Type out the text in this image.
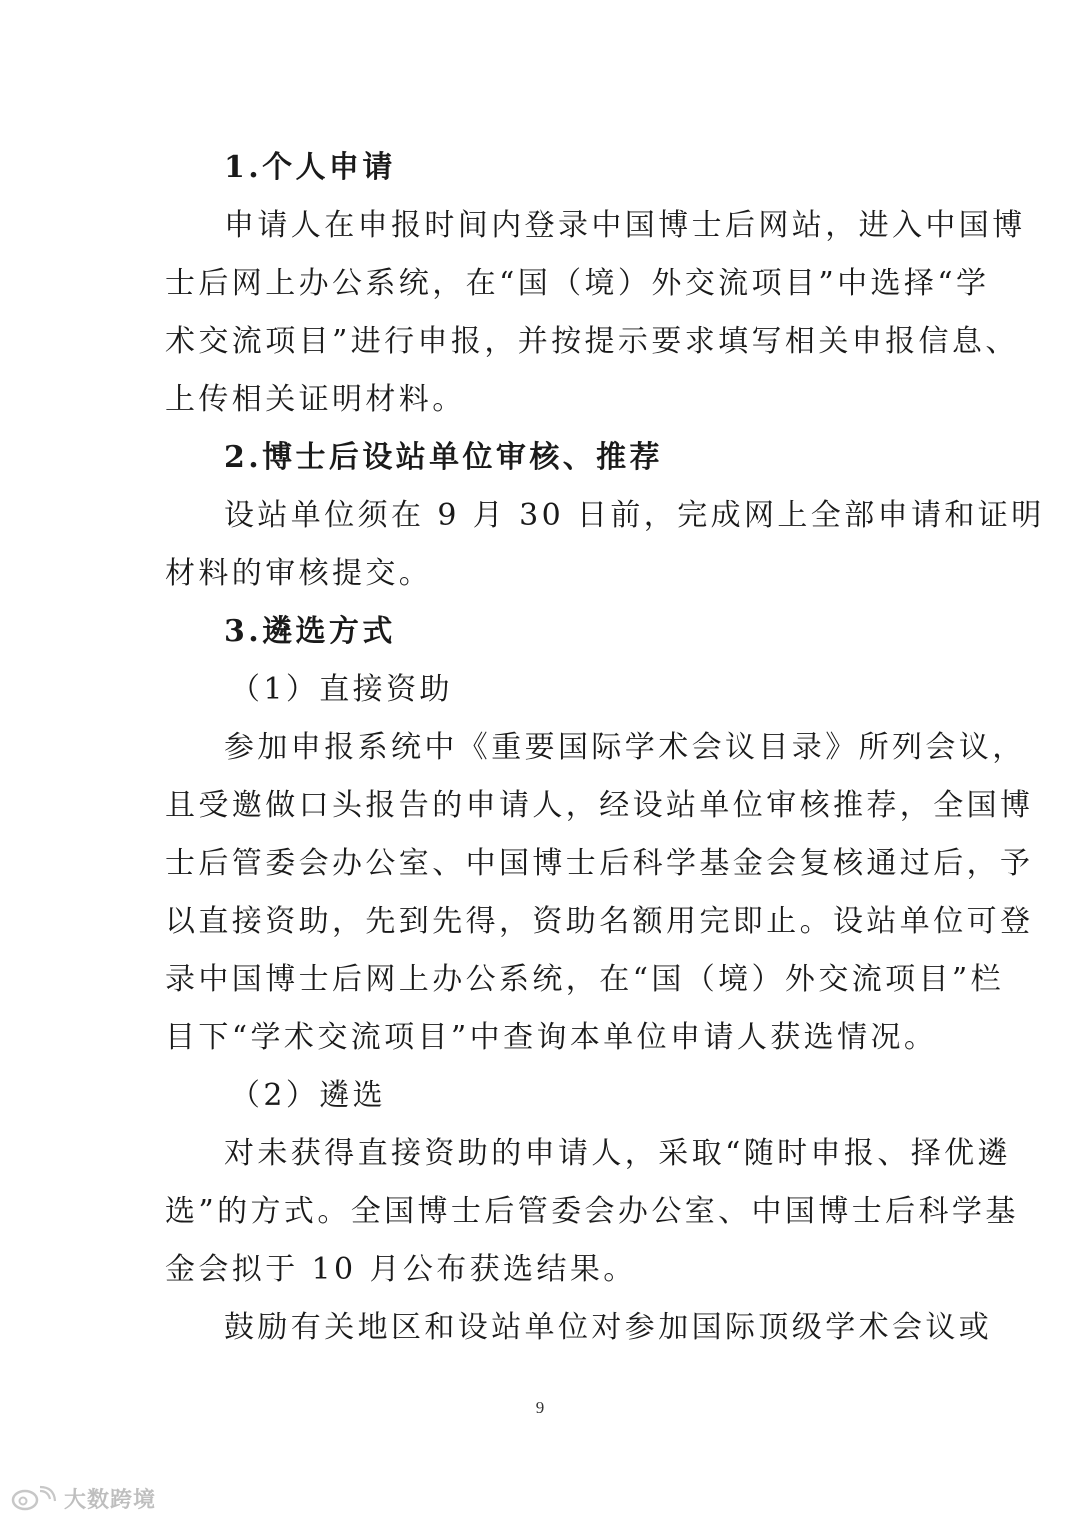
1.个人申请
申请人在申报时间内登录中国博士后网站，进入中国博
士后网上办公系统，在“国（境）外交流项目”中选择“学
术交流项目”进行申报，并按提示要求填写相关申报信息、
上传相关证明材料。
2.博士后设站单位审核、推荐
设站单位须在 9 月 30 日前，完成网上全部申请和证明
材料的审核提交。
3.遴选方式
（1）直接资助
参加申报系统中《重要国际学术会议目录》所列会议，
且受邀做口头报告的申请人，经设站单位审核推荐，全国博
士后管委会办公室、中国博士后科学基金会复核通过后，予
以直接资助，先到先得，资助名额用完即止。设站单位可登
录中国博士后网上办公系统，在“国（境）外交流项目”栏
目下“学术交流项目”中查询本单位申请人获选情况。
（2）遴选
对未获得直接资助的申请人，采取“随时申报、择优遴
选”的方式。全国博士后管委会办公室、中国博士后科学基
金会拟于 10 月公布获选结果。
鼓励有关地区和设站单位对参加国际顶级学术会议或
9
大数跨境
